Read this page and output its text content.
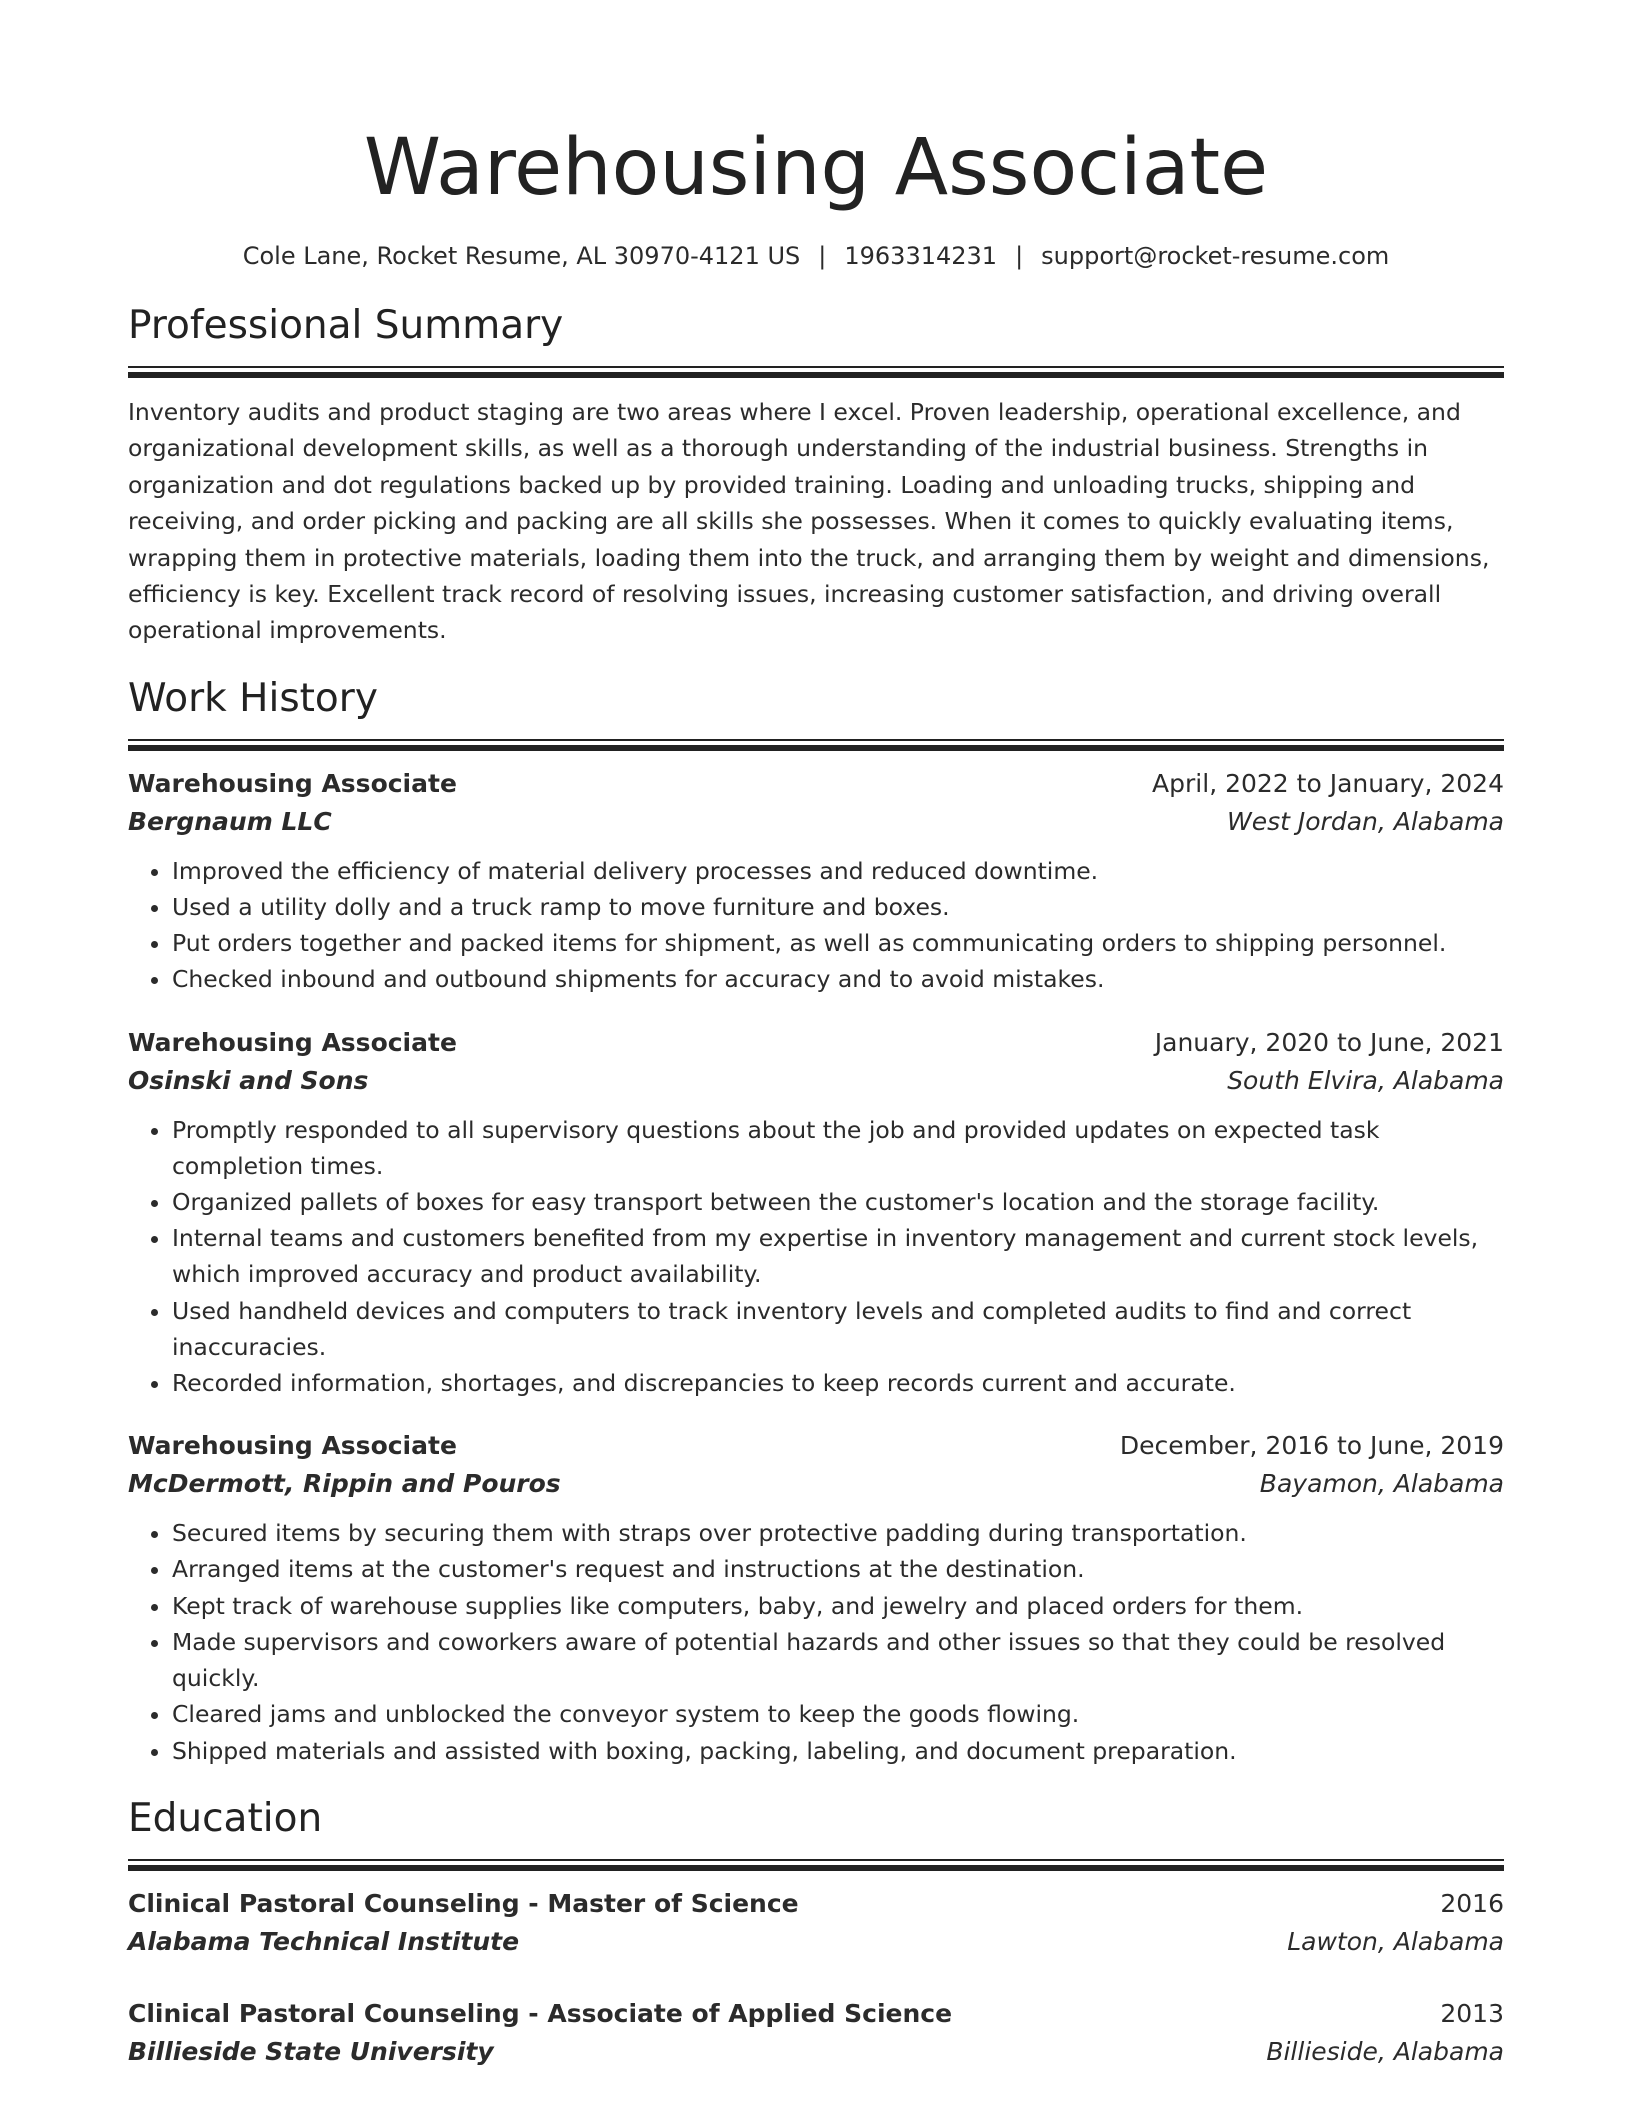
Warehousing Associate
Cole Lane, Rocket Resume, AL 30970-4121 US | 1963314231 | support@rocket-resume.com
Professional Summary

Inventory audits and product staging are two areas where I excel. Proven leadership, operational excellence, and organizational development skills, as well as a thorough understanding of the industrial business. Strengths in organization and dot regulations backed up by provided training. Loading and unloading trucks, shipping and receiving, and order picking and packing are all skills she possesses. When it comes to quickly evaluating items, wrapping them in protective materials, loading them into the truck, and arranging them by weight and dimensions, efficiency is key. Excellent track record of resolving issues, increasing customer satisfaction, and driving overall operational improvements.

Work History
Warehousing Associate	April, 2022 to January, 2024
Bergnaum LLC	West Jordan, Alabama
• Improved the efficiency of material delivery processes and reduced downtime.
• Used a utility dolly and a truck ramp to move furniture and boxes.
• Put orders together and packed items for shipment, as well as communicating orders to shipping personnel.
• Checked inbound and outbound shipments for accuracy and to avoid mistakes.
Warehousing Associate	January, 2020 to June, 2021
Osinski and Sons	South Elvira, Alabama
• Promptly responded to all supervisory questions about the job and provided updates on expected task completion times.
• Organized pallets of boxes for easy transport between the customer's location and the storage facility.
• Internal teams and customers benefited from my expertise in inventory management and current stock levels, which improved accuracy and product availability.
• Used handheld devices and computers to track inventory levels and completed audits to find and correct inaccuracies.
• Recorded information, shortages, and discrepancies to keep records current and accurate.
Warehousing Associate	December, 2016 to June, 2019
McDermott, Rippin and Pouros	Bayamon, Alabama
• Secured items by securing them with straps over protective padding during transportation.
• Arranged items at the customer's request and instructions at the destination.
• Kept track of warehouse supplies like computers, baby, and jewelry and placed orders for them.
• Made supervisors and coworkers aware of potential hazards and other issues so that they could be resolved quickly.
• Cleared jams and unblocked the conveyor system to keep the goods flowing.
• Shipped materials and assisted with boxing, packing, labeling, and document preparation.
Education
Clinical Pastoral Counseling - Master of Science	2016
Alabama Technical Institute	Lawton, Alabama
Clinical Pastoral Counseling - Associate of Applied Science	2013
Billieside State University	Billieside, Alabama
